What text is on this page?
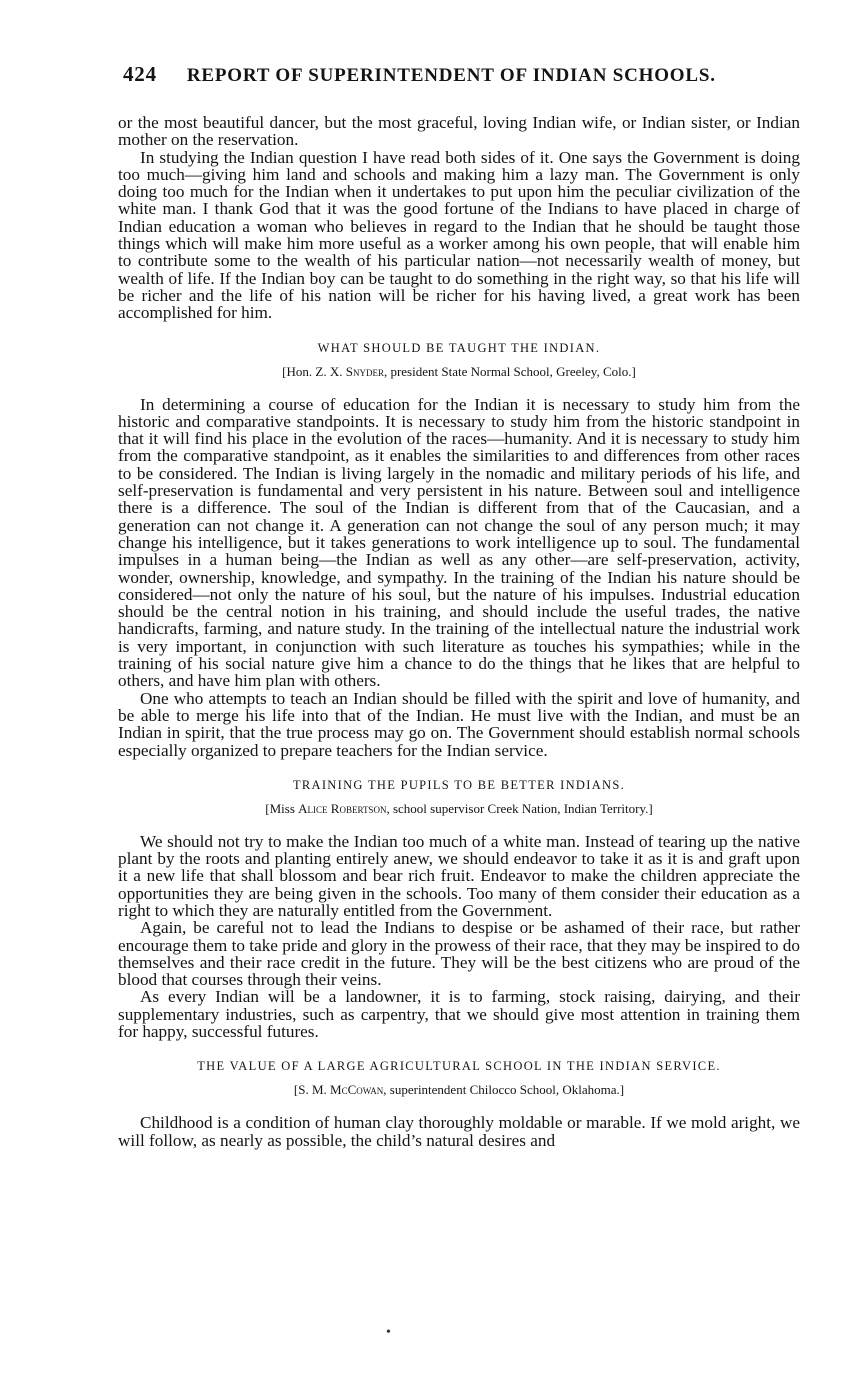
424 REPORT OF SUPERINTENDENT OF INDIAN SCHOOLS.

or the most beautiful dancer, but the most graceful, loving Indian wife, or Indian sister, or Indian mother on the reservation.

In studying the Indian question I have read both sides of it. One says the Government is doing too much—giving him land and schools and making him a lazy man. The Government is only doing too much for the Indian when it undertakes to put upon him the peculiar civilization of the white man. I thank God that it was the good fortune of the Indians to have placed in charge of Indian education a woman who believes in regard to the Indian that he should be taught those things which will make him more useful as a worker among his own people, that will enable him to contribute some to the wealth of his particular nation—not necessarily wealth of money, but wealth of life. If the Indian boy can be taught to do something in the right way, so that his life will be richer and the life of his nation will be richer for his having lived, a great work has been accomplished for him.

WHAT SHOULD BE TAUGHT THE INDIAN.

[Hon. Z. X. Snyder, president State Normal School, Greeley, Colo.]

In determining a course of education for the Indian it is necessary to study him from the historic and comparative standpoints. It is necessary to study him from the historic standpoint in that it will find his place in the evolution of the races—humanity. And it is necessary to study him from the comparative standpoint, as it enables the similarities to and differences from other races to be considered. The Indian is living largely in the nomadic and military periods of his life, and self-preservation is fundamental and very persistent in his nature. Between soul and intelligence there is a difference. The soul of the Indian is different from that of the Caucasian, and a generation can not change it. A generation can not change the soul of any person much; it may change his intelligence, but it takes generations to work intelligence up to soul. The fundamental impulses in a human being—the Indian as well as any other—are self-preservation, activity, wonder, ownership, knowledge, and sympathy. In the training of the Indian his nature should be considered—not only the nature of his soul, but the nature of his impulses. Industrial education should be the central notion in his training, and should include the useful trades, the native handicrafts, farming, and nature study. In the training of the intellectual nature the industrial work is very important, in conjunction with such literature as touches his sympathies; while in the training of his social nature give him a chance to do the things that he likes that are helpful to others, and have him plan with others.

One who attempts to teach an Indian should be filled with the spirit and love of humanity, and be able to merge his life into that of the Indian. He must live with the Indian, and must be an Indian in spirit, that the true process may go on. The Government should establish normal schools especially organized to prepare teachers for the Indian service.

TRAINING THE PUPILS TO BE BETTER INDIANS.

[Miss Alice Robertson, school supervisor Creek Nation, Indian Territory.]

We should not try to make the Indian too much of a white man. Instead of tearing up the native plant by the roots and planting entirely anew, we should endeavor to take it as it is and graft upon it a new life that shall blossom and bear rich fruit. Endeavor to make the children appreciate the opportunities they are being given in the schools. Too many of them consider their education as a right to which they are naturally entitled from the Government.

Again, be careful not to lead the Indians to despise or be ashamed of their race, but rather encourage them to take pride and glory in the prowess of their race, that they may be inspired to do themselves and their race credit in the future. They will be the best citizens who are proud of the blood that courses through their veins.

As every Indian will be a landowner, it is to farming, stock raising, dairying, and their supplementary industries, such as carpentry, that we should give most attention in training them for happy, successful futures.

THE VALUE OF A LARGE AGRICULTURAL SCHOOL IN THE INDIAN SERVICE.

[S. M. McCowan, superintendent Chilocco School, Oklahoma.]

Childhood is a condition of human clay thoroughly moldable or marable. If we mold aright, we will follow, as nearly as possible, the child’s natural desires and

•
